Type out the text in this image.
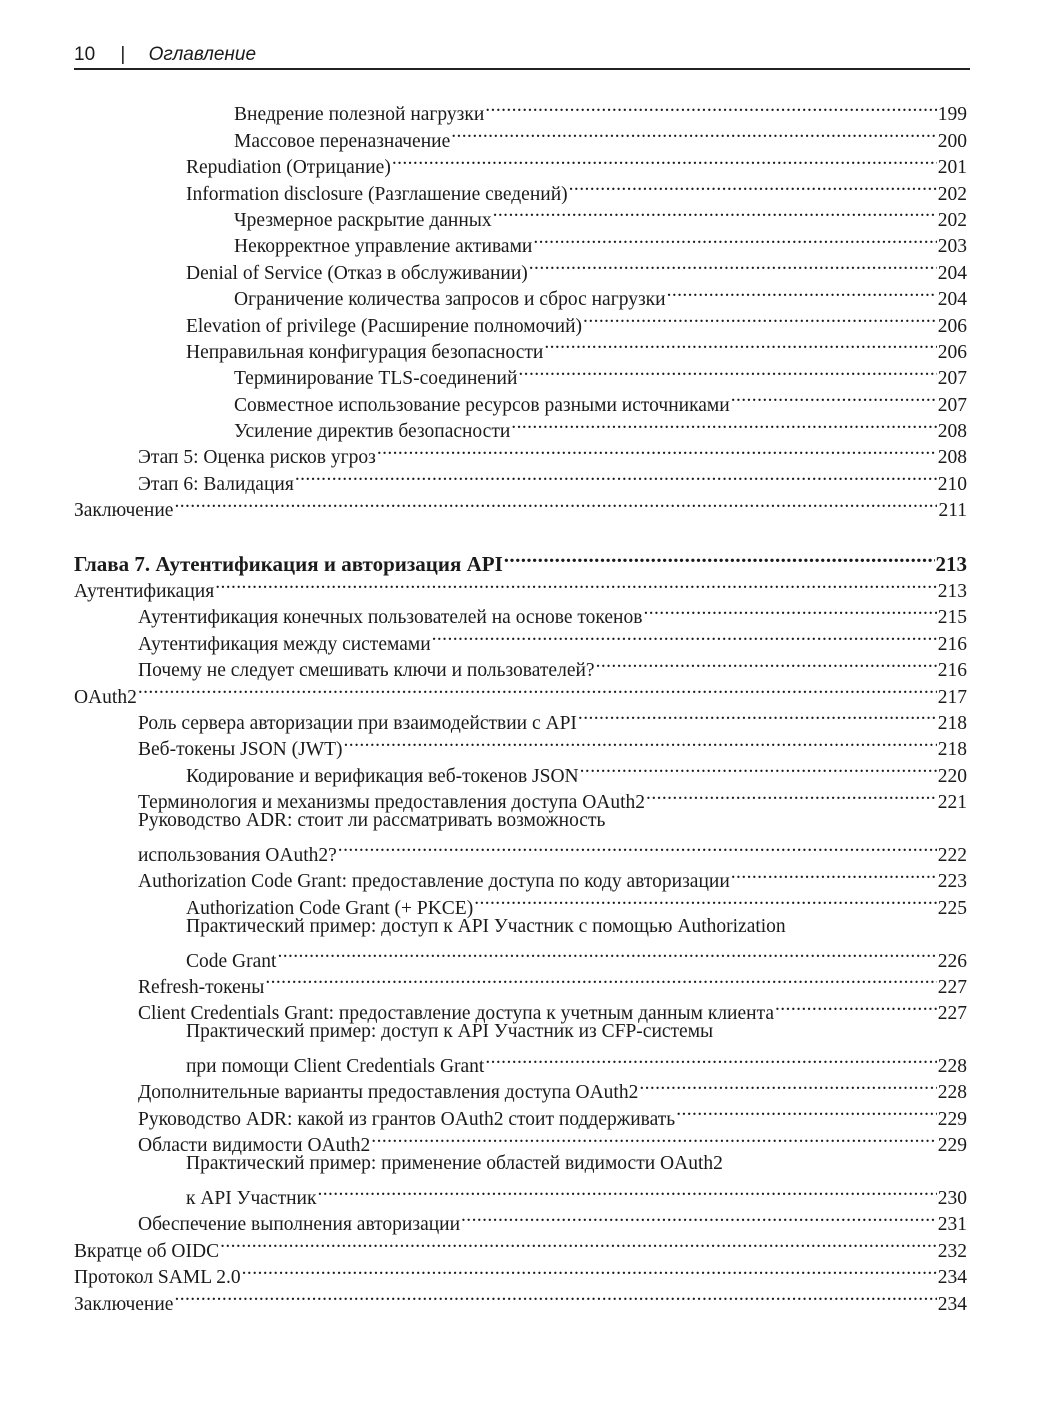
10 | Оглавление
Внедрение полезной нагрузки .....	199
Массовое переназначение .....	200
Repudiation (Отрицание) .....	201
Information disclosure (Разглашение сведений) .....	202
Чрезмерное раскрытие данных .....	202
Некорректное управление активами .....	203
Denial of Service (Отказ в обслуживании) .....	204
Ограничение количества запросов и сброс нагрузки .....	204
Elevation of privilege (Расширение полномочий) .....	206
Неправильная конфигурация безопасности .....	206
Терминирование TLS-соединений .....	207
Совместное использование ресурсов разными источниками .....	207
Усиление директив безопасности .....	208
Этап 5: Оценка рисков угроз .....	208
Этап 6: Валидация .....	210
Заключение .....	211
Глава 7. Аутентификация и авторизация API .....	213
Аутентификация .....	213
Аутентификация конечных пользователей на основе токенов .....	215
Аутентификация между системами .....	216
Почему не следует смешивать ключи и пользователей? .....	216
OAuth2 .....	217
Роль сервера авторизации при взаимодействии с API .....	218
Веб-токены JSON (JWT) .....	218
Кодирование и верификация веб-токенов JSON .....	220
Терминология и механизмы предоставления доступа OAuth2 .....	221
Руководство ADR: стоит ли рассматривать возможность
использования OAuth2? .....	222
Authorization Code Grant: предоставление доступа по коду авторизации .....	223
Authorization Code Grant (+ PKCE) .....	225
Практический пример: доступ к API Участник с помощью Authorization
Code Grant .....	226
Refresh-токены .....	227
Client Credentials Grant: предоставление доступа к учетным данным клиента .....	227
Практический пример: доступ к API Участник из CFP-системы
при помощи Client Credentials Grant .....	228
Дополнительные варианты предоставления доступа OAuth2 .....	228
Руководство ADR: какой из грантов OAuth2 стоит поддерживать .....	229
Области видимости OAuth2 .....	229
Практический пример: применение областей видимости OAuth2
к API Участник .....	230
Обеспечение выполнения авторизации .....	231
Вкратце об OIDC .....	232
Протокол SAML 2.0 .....	234
Заключение .....	234
